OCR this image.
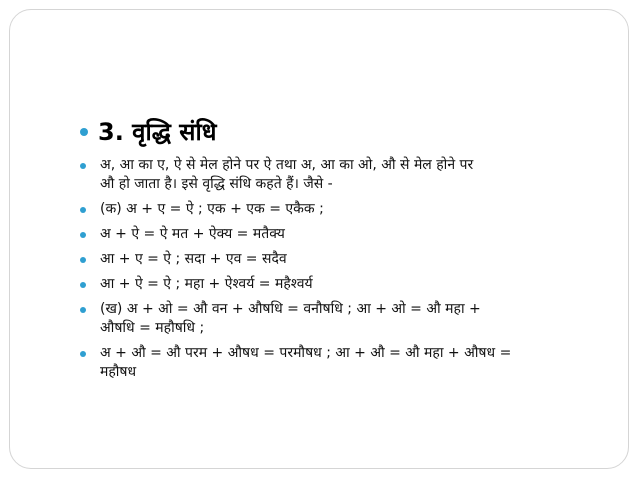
3. वृद्धि संधि
अ, आ का ए, ऐ से मेल होने पर ऐ तथा अ, आ का ओ, औ से मेल होने पर
औ हो जाता है। इसे वृद्धि संधि कहते हैं। जैसे -
(क) अ + ए = ऐ ; एक + एक = एकैक ;
अ + ऐ = ऐ मत + ऐक्य = मतैक्य
आ + ए = ऐ ; सदा + एव = सदैव
आ + ऐ = ऐ ; महा + ऐश्वर्य = महैश्वर्य
(ख) अ + ओ = औ वन + औषधि = वनौषधि ; आ + ओ = औ महा +
औषधि = महौषधि ;
अ + औ = औ परम + औषध = परमौषध ; आ + औ = औ महा + औषध =
महौषध
